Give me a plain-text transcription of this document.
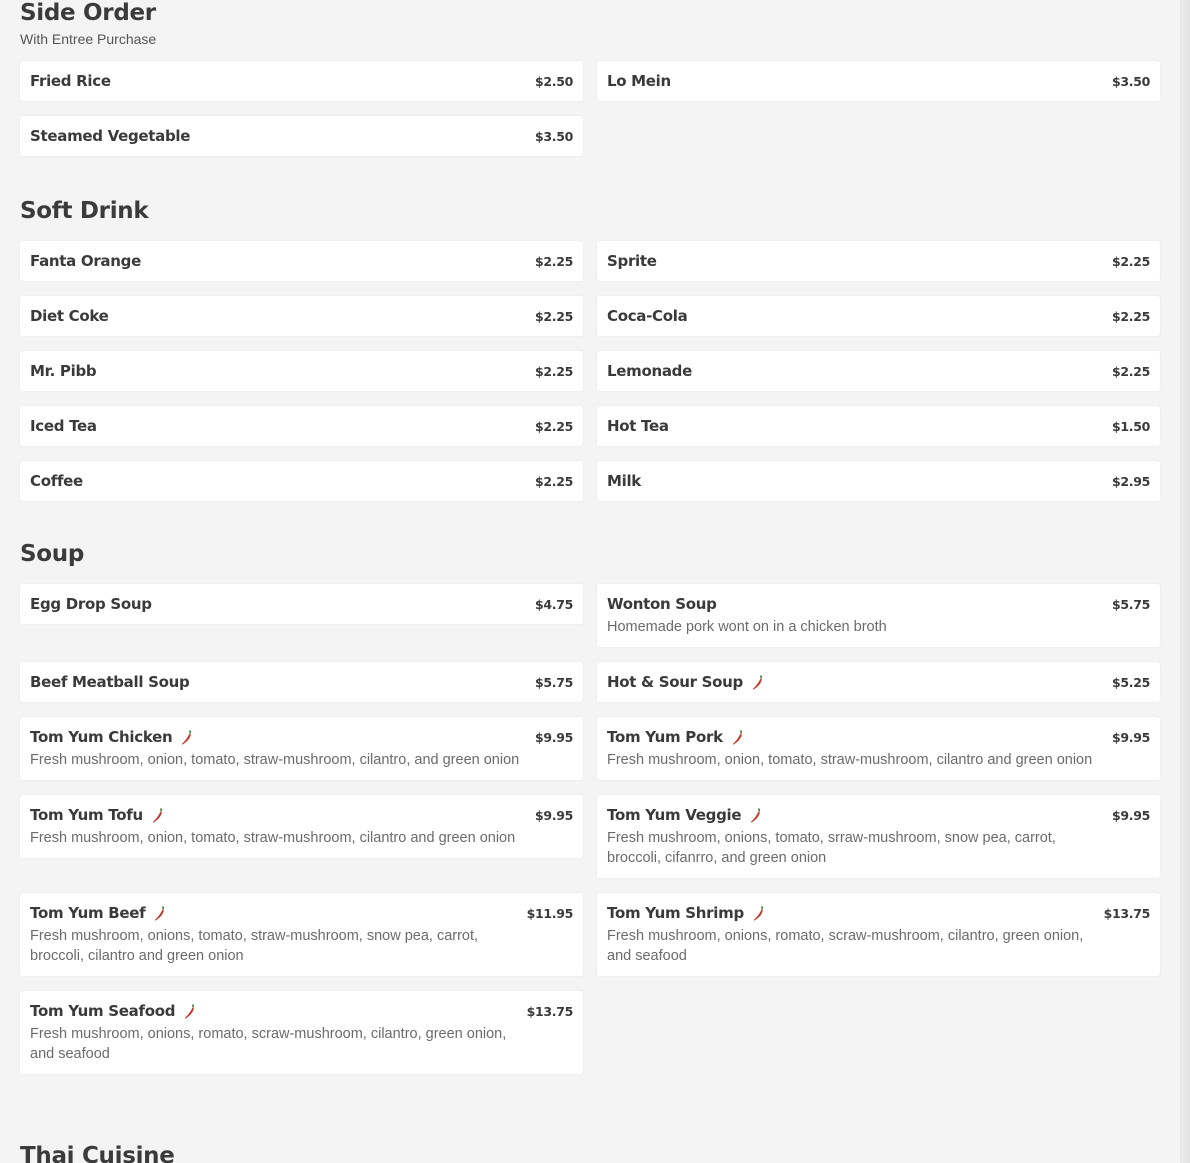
Side Order
With Entree Purchase
Fried Rice	$2.50 Lo Mein	$3.50
Steamed Vegetable	$3.50
Soft Drink
Fanta Orange	$2.25 Sprite	$2.25
Diet Coke	$2.25 Coca-Cola	$2.25
Mr. Pibb	$2.25 Lemonade	$2.25
Iced Tea	$2.25 Hot Tea	$1.50
Coffee	$2.25 Milk	$2.95
Soup
Egg Drop Soup	$4.75 Wonton Soup	$5.75
Homemade pork wont on in a chicken broth
Beef Meatball Soup	$5.75 Hot & Sour Soup	$5.25
Tom Yum Chicken	$9.95
Fresh mushroom, onion, tomato, straw-mushroom, cilantro, and green onion
Tom Yum Pork	$9.95
Fresh mushroom, onion, tomato, straw-mushroom, cilantro and green onion
Tom Yum Tofu	$9.95
Fresh mushroom, onion, tomato, straw-mushroom, cilantro and green onion
Tom Yum Veggie	$9.95
Fresh mushroom, onions, tomato, srraw-mushroom, snow pea, carrot, broccoli, cifanrro, and green onion
Tom Yum Beef	$11.95
Fresh mushroom, onions, tomato, straw-mushroom, snow pea, carrot, broccoli, cilantro and green onion
Tom Yum Shrimp	$13.75
Fresh mushroom, onions, romato, scraw-mushroom, cilantro, green onion, and seafood
Tom Yum Seafood	$13.75
Fresh mushroom, onions, romato, scraw-mushroom, cilantro, green onion, and seafood
Thai Cuisine
